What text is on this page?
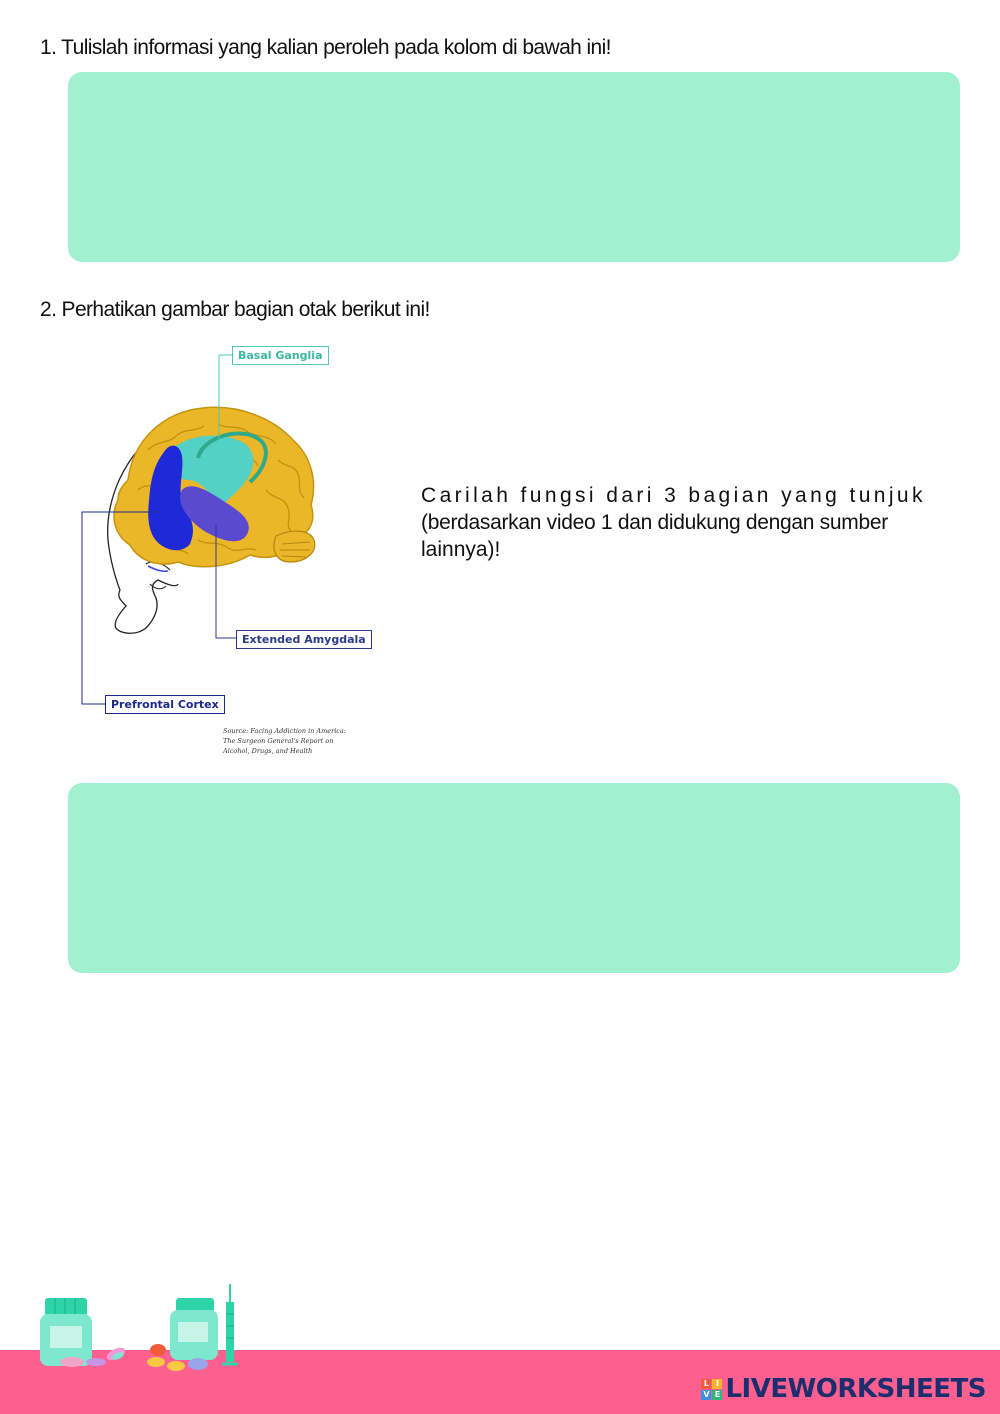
1. Tulislah informasi yang kalian peroleh pada kolom di bawah ini!
2. Perhatikan gambar bagian otak berikut ini!
Basal Ganglia
Extended Amygdala
Prefrontal Cortex
Source: Facing Addiction in America:
The Surgeon General's Report on
Alcohol, Drugs, and Health

Carilah fungsi dari 3 bagian yang tunjuk
(berdasarkan video 1 dan didukung dengan sumber
lainnya)!

L I
V E LIVEWORKSHEETS
